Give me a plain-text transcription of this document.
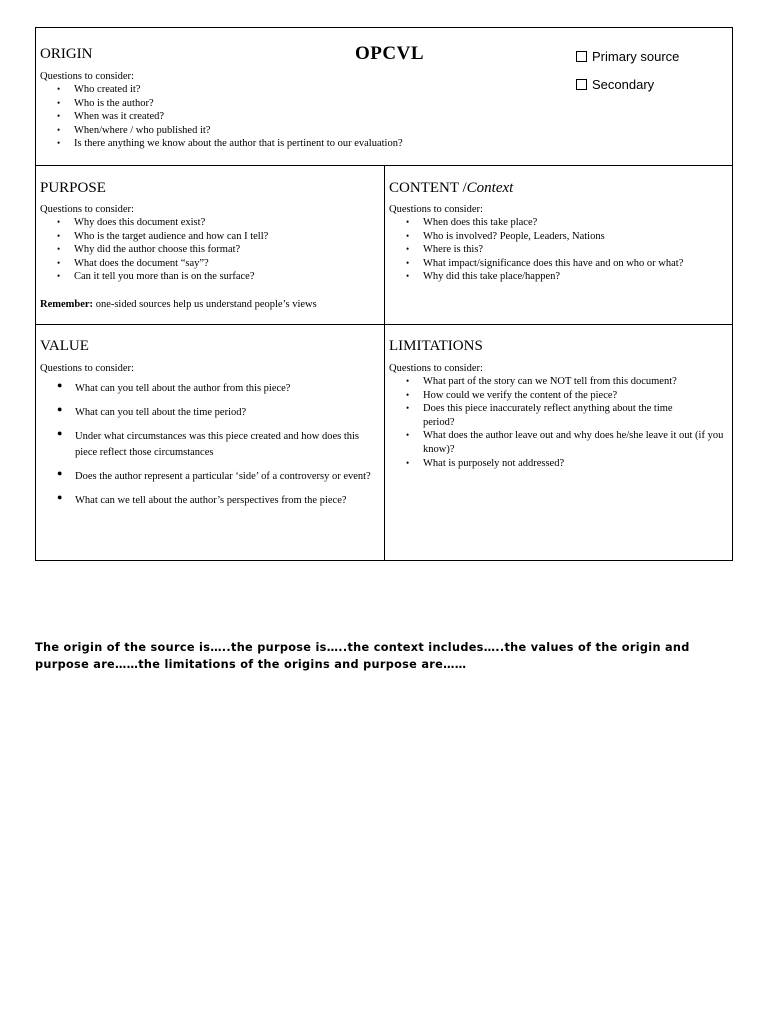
OPCVL	Primary source
Secondary
ORIGIN
Questions to consider:
• Who created it?
• Who is the author?
• When was it created?
• When/where / who published it?
• Is there anything we know about the author that is pertinent to our evaluation?
PURPOSE
Questions to consider:
• Why does this document exist?
• Who is the target audience and how can I tell?
• Why did the author choose this format?
• What does the document “say”?
• Can it tell you more than is on the surface?
Remember: one-sided sources help us understand people’s views
CONTENT /Context
Questions to consider:
• When does this take place?
• Who is involved? People, Leaders, Nations
• Where is this?
• What impact/significance does this have and on who or what?
• Why did this take place/happen?
VALUE
Questions to consider:
● What can you tell about the author from this piece?
● What can you tell about the time period?
● Under what circumstances was this piece created and how does this piece reflect those circumstances
● Does the author represent a particular ‘side’ of a controversy or event?
● What can we tell about the author’s perspectives from the piece?
LIMITATIONS
Questions to consider:
• What part of the story can we NOT tell from this document?
• How could we verify the content of the piece?
• Does this piece inaccurately reflect anything about the time period?
• What does the author leave out and why does he/she leave it out (if you know)?
• What is purposely not addressed?
The origin of the source is…..the purpose is…..the context includes…..the values of the origin and purpose are……the limitations of the origins and purpose are……
